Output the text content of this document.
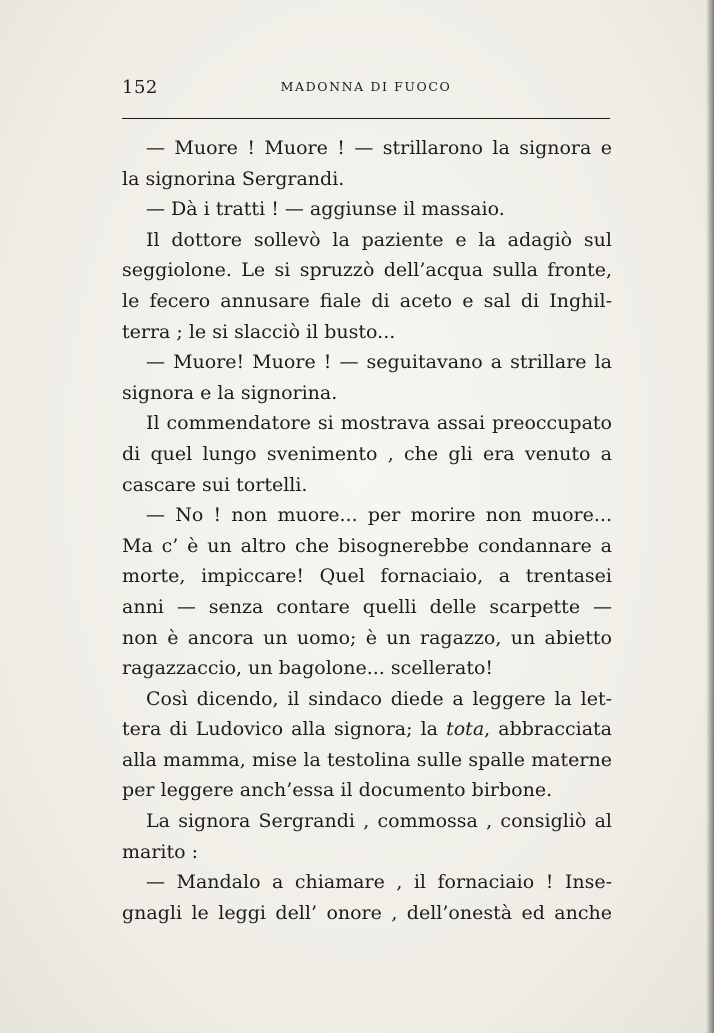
152	MADONNA DI FUOCO
— Muore ! Muore ! — strillarono la signora e
la signorina Sergrandi.
— Dà i tratti ! — aggiunse il massaio.
Il dottore sollevò la paziente e la adagiò sul
seggiolone. Le si spruzzò dell’acqua sulla fronte,
le fecero annusare fiale di aceto e sal di Inghil-
terra ; le si slacciò il busto...
— Muore! Muore ! — seguitavano a strillare la
signora e la signorina.
Il commendatore si mostrava assai preoccupato
di quel lungo svenimento , che gli era venuto a
cascare sui tortelli.
— No ! non muore... per morire non muore...
Ma c’ è un altro che bisognerebbe condannare a
morte, impiccare! Quel fornaciaio, a trentasei
anni — senza contare quelli delle scarpette —
non è ancora un uomo; è un ragazzo, un abietto
ragazzaccio, un bagolone... scellerato!
Così dicendo, il sindaco diede a leggere la let-
tera di Ludovico alla signora; la tota, abbracciata
alla mamma, mise la testolina sulle spalle materne
per leggere anch’essa il documento birbone.
La signora Sergrandi , commossa , consigliò al
marito :
— Mandalo a chiamare , il fornaciaio ! Inse-
gnagli le leggi dell’ onore , dell’onestà ed anche
